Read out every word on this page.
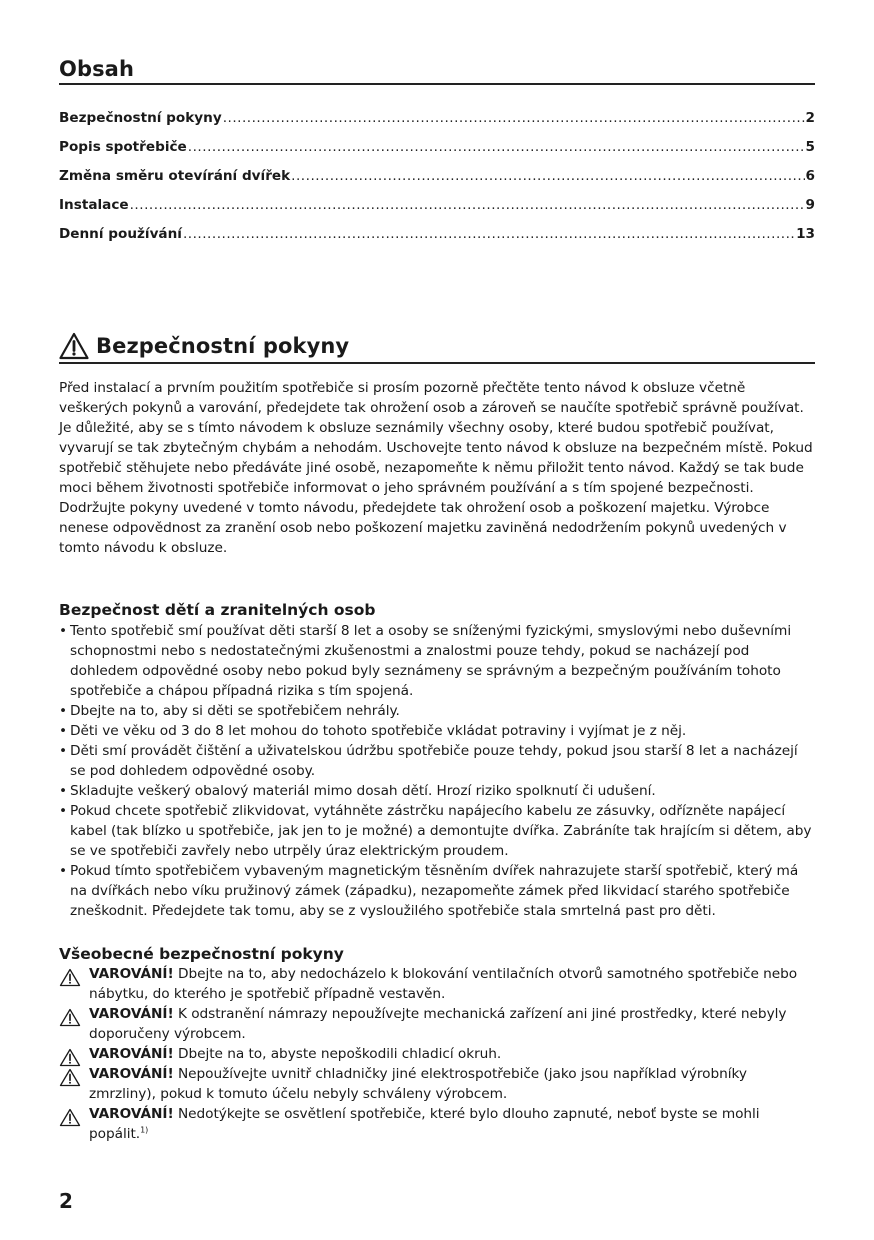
Obsah
Bezpečnostní pokyny .....	2
Popis spotřebiče .....	5
Změna směru otevírání dvířek .....	6
Instalace .....	9
Denní používání .....	13
Bezpečnostní pokyny

Před instalací a prvním použitím spotřebiče si prosím pozorně přečtěte tento návod k obsluze včetně veškerých pokynů a varování, předejdete tak ohrožení osob a zároveň se naučíte spotřebič správně používat. Je důležité, aby se s tímto návodem k obsluze seznámily všechny osoby, které budou spotřebič používat, vyvarují se tak zbytečným chybám a nehodám. Uschovejte tento návod k obsluze na bezpečném místě. Pokud spotřebič stěhujete nebo předáváte jiné osobě, nezapomeňte k němu přiložit tento návod. Každý se tak bude moci během životnosti spotřebiče informovat o jeho správném používání a s tím spojené bezpečnosti.

Dodržujte pokyny uvedené v tomto návodu, předejdete tak ohrožení osob a poškození majetku. Výrobce nenese odpovědnost za zranění osob nebo poškození majetku zaviněná nedodržením pokynů uvedených v tomto návodu k obsluze.

Bezpečnost dětí a zranitelných osob
• Tento spotřebič smí používat děti starší 8 let a osoby se sníženými fyzickými, smyslovými nebo duševními schopnostmi nebo s nedostatečnými zkušenostmi a znalostmi pouze tehdy, pokud se nacházejí pod dohledem odpovědné osoby nebo pokud byly seznámeny se správným a bezpečným používáním tohoto spotřebiče a chápou případná rizika s tím spojená.
• Dbejte na to, aby si děti se spotřebičem nehrály.
• Děti ve věku od 3 do 8 let mohou do tohoto spotřebiče vkládat potraviny i vyjímat je z něj.
• Děti smí provádět čištění a uživatelskou údržbu spotřebiče pouze tehdy, pokud jsou starší 8 let a nacházejí se pod dohledem odpovědné osoby.
• Skladujte veškerý obalový materiál mimo dosah dětí. Hrozí riziko spolknutí či udušení.
• Pokud chcete spotřebič zlikvidovat, vytáhněte zástrčku napájecího kabelu ze zásuvky, odřízněte napájecí kabel (tak blízko u spotřebiče, jak jen to je možné) a demontujte dvířka. Zabráníte tak hrajícím si dětem, aby se ve spotřebiči zavřely nebo utrpěly úraz elektrickým proudem.
• Pokud tímto spotřebičem vybaveným magnetickým těsněním dvířek nahrazujete starší spotřebič, který má na dvířkách nebo víku pružinový zámek (západku), nezapomeňte zámek před likvidací starého spotřebiče zneškodnit. Předejdete tak tomu, aby se z vysloužilého spotřebiče stala smrtelná past pro děti.
Všeobecné bezpečnostní pokyny
VAROVÁNÍ! Dbejte na to, aby nedocházelo k blokování ventilačních otvorů samotného spotřebiče nebo nábytku, do kterého je spotřebič případně vestavěn.
VAROVÁNÍ! K odstranění námrazy nepoužívejte mechanická zařízení ani jiné prostředky, které nebyly doporučeny výrobcem.
VAROVÁNÍ! Dbejte na to, abyste nepoškodili chladicí okruh.
VAROVÁNÍ! Nepoužívejte uvnitř chladničky jiné elektrospotřebiče (jako jsou například výrobníky zmrzliny), pokud k tomuto účelu nebyly schváleny výrobcem.
VAROVÁNÍ! Nedotýkejte se osvětlení spotřebiče, které bylo dlouho zapnuté, neboť byste se mohli popálit.$^{1)}$
2
